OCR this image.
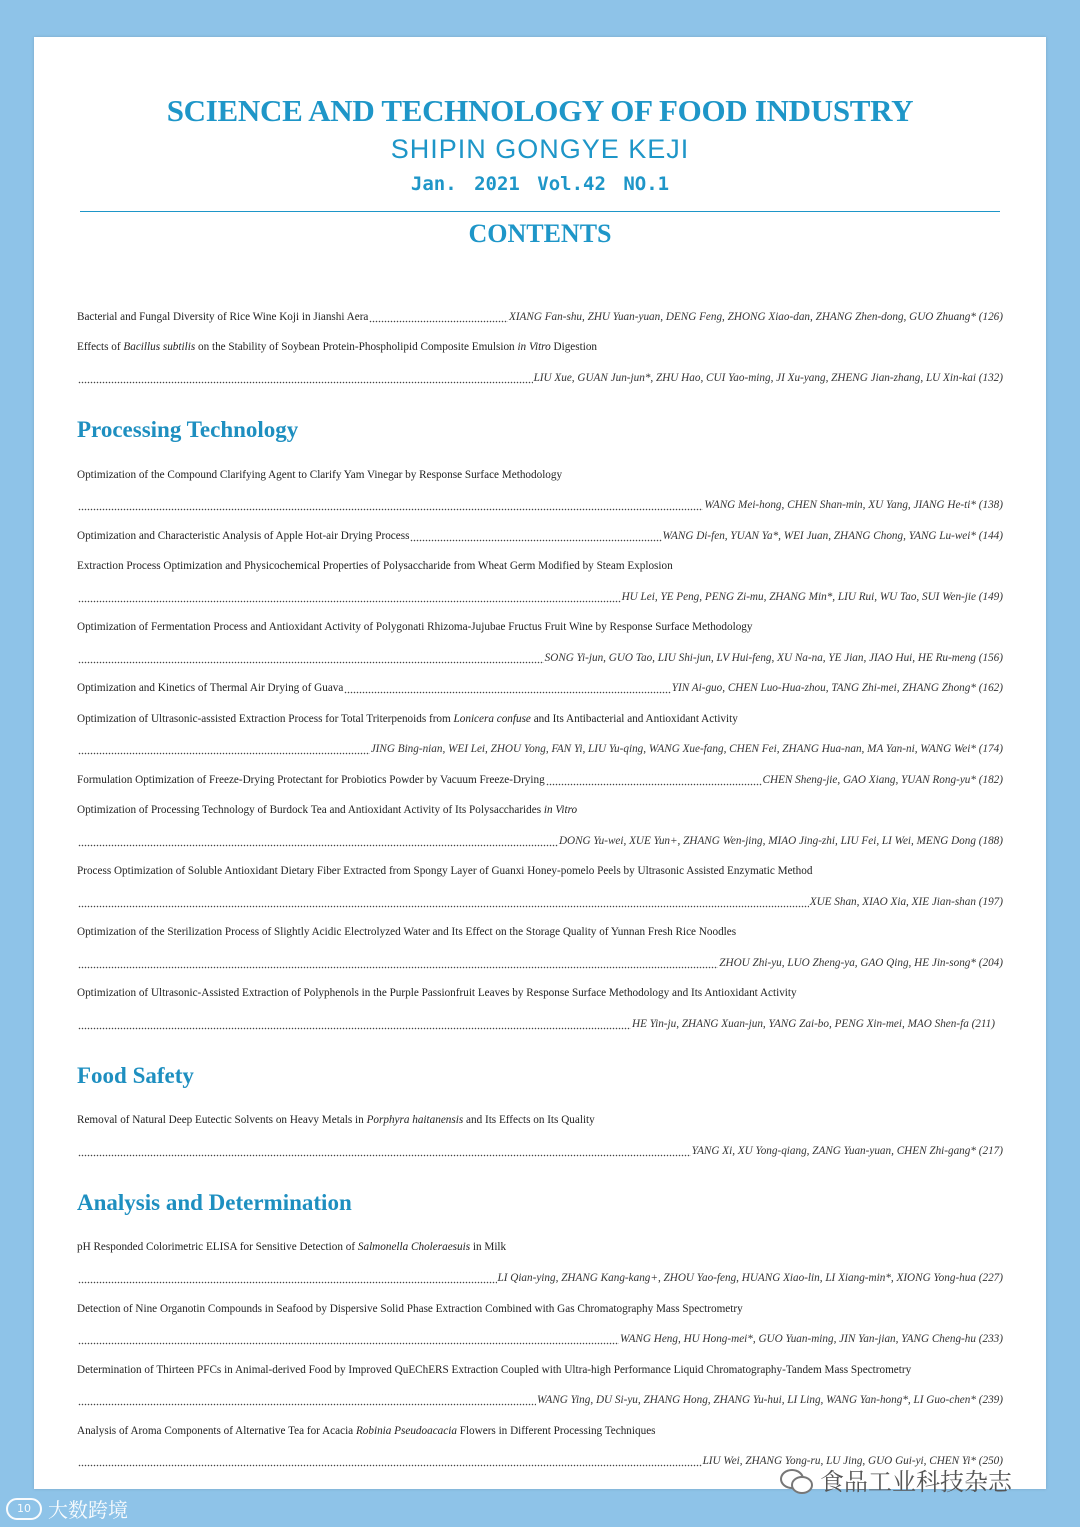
SCIENCE AND TECHNOLOGY OF FOOD INDUSTRY
SHIPIN GONGYE KEJI
Jan. 2021 Vol.42 NO.1
CONTENTS
Bacterial and Fungal Diversity of Rice Wine Koji in Jianshi Aera	XIANG Fan-shu, ZHU Yuan-yuan, DENG Feng, ZHONG Xiao-dan, ZHANG Zhen-dong, GUO Zhuang* (126)
Effects of Bacillus subtilis on the Stability of Soybean Protein-Phospholipid Composite Emulsion in Vitro Digestion
LIU Xue, GUAN Jun-jun*, ZHU Hao, CUI Yao-ming, JI Xu-yang, ZHENG Jian-zhang, LU Xin-kai (132)
Processing Technology
Optimization of the Compound Clarifying Agent to Clarify Yam Vinegar by Response Surface Methodology
WANG Mei-hong, CHEN Shan-min, XU Yang, JIANG He-ti* (138)
Optimization and Characteristic Analysis of Apple Hot-air Drying Process	WANG Di-fen, YUAN Ya*, WEI Juan, ZHANG Chong, YANG Lu-wei* (144)
Extraction Process Optimization and Physicochemical Properties of Polysaccharide from Wheat Germ Modified by Steam Explosion
HU Lei, YE Peng, PENG Zi-mu, ZHANG Min*, LIU Rui, WU Tao, SUI Wen-jie (149)
Optimization of Fermentation Process and Antioxidant Activity of Polygonati Rhizoma-Jujubae Fructus Fruit Wine by Response Surface Methodology
SONG Yi-jun, GUO Tao, LIU Shi-jun, LV Hui-feng, XU Na-na, YE Jian, JIAO Hui, HE Ru-meng (156)
Optimization and Kinetics of Thermal Air Drying of Guava	YIN Ai-guo, CHEN Luo-Hua-zhou, TANG Zhi-mei, ZHANG Zhong* (162)
Optimization of Ultrasonic-assisted Extraction Process for Total Triterpenoids from Lonicera confuse and Its Antibacterial and Antioxidant Activity
JING Bing-nian, WEI Lei, ZHOU Yong, FAN Yi, LIU Yu-qing, WANG Xue-fang, CHEN Fei, ZHANG Hua-nan, MA Yan-ni, WANG Wei* (174)
Formulation Optimization of Freeze-Drying Protectant for Probiotics Powder by Vacuum Freeze-Drying	CHEN Sheng-jie, GAO Xiang, YUAN Rong-yu* (182)
Optimization of Processing Technology of Burdock Tea and Antioxidant Activity of Its Polysaccharides in Vitro
DONG Yu-wei, XUE Yun+, ZHANG Wen-jing, MIAO Jing-zhi, LIU Fei, LI Wei, MENG Dong (188)
Process Optimization of Soluble Antioxidant Dietary Fiber Extracted from Spongy Layer of Guanxi Honey-pomelo Peels by Ultrasonic Assisted Enzymatic Method
XUE Shan, XIAO Xia, XIE Jian-shan (197)
Optimization of the Sterilization Process of Slightly Acidic Electrolyzed Water and Its Effect on the Storage Quality of Yunnan Fresh Rice Noodles
ZHOU Zhi-yu, LUO Zheng-ya, GAO Qing, HE Jin-song* (204)
Optimization of Ultrasonic-Assisted Extraction of Polyphenols in the Purple Passionfruit Leaves by Response Surface Methodology and Its Antioxidant Activity
HE Yin-ju, ZHANG Xuan-jun, YANG Zai-bo, PENG Xin-mei, MAO Shen-fa (211)
Food Safety
Removal of Natural Deep Eutectic Solvents on Heavy Metals in Porphyra haitanensis and Its Effects on Its Quality
YANG Xi, XU Yong-qiang, ZANG Yuan-yuan, CHEN Zhi-gang* (217)
Analysis and Determination
pH Responded Colorimetric ELISA for Sensitive Detection of Salmonella Choleraesuis in Milk
LI Qian-ying, ZHANG Kang-kang+, ZHOU Yao-feng, HUANG Xiao-lin, LI Xiang-min*, XIONG Yong-hua (227)
Detection of Nine Organotin Compounds in Seafood by Dispersive Solid Phase Extraction Combined with Gas Chromatography Mass Spectrometry
WANG Heng, HU Hong-mei*, GUO Yuan-ming, JIN Yan-jian, YANG Cheng-hu (233)
Determination of Thirteen PFCs in Animal-derived Food by Improved QuEChERS Extraction Coupled with Ultra-high Performance Liquid Chromatography-Tandem Mass Spectrometry
WANG Ying, DU Si-yu, ZHANG Hong, ZHANG Yu-hui, LI Ling, WANG Yan-hong*, LI Guo-chen* (239)
Analysis of Aroma Components of Alternative Tea for Acacia Robinia Pseudoacacia Flowers in Different Processing Techniques
LIU Wei, ZHANG Yong-ru, LU Jing, GUO Gui-yi, CHEN Yi* (250)
食品工业科技杂志
10 大数跨境
